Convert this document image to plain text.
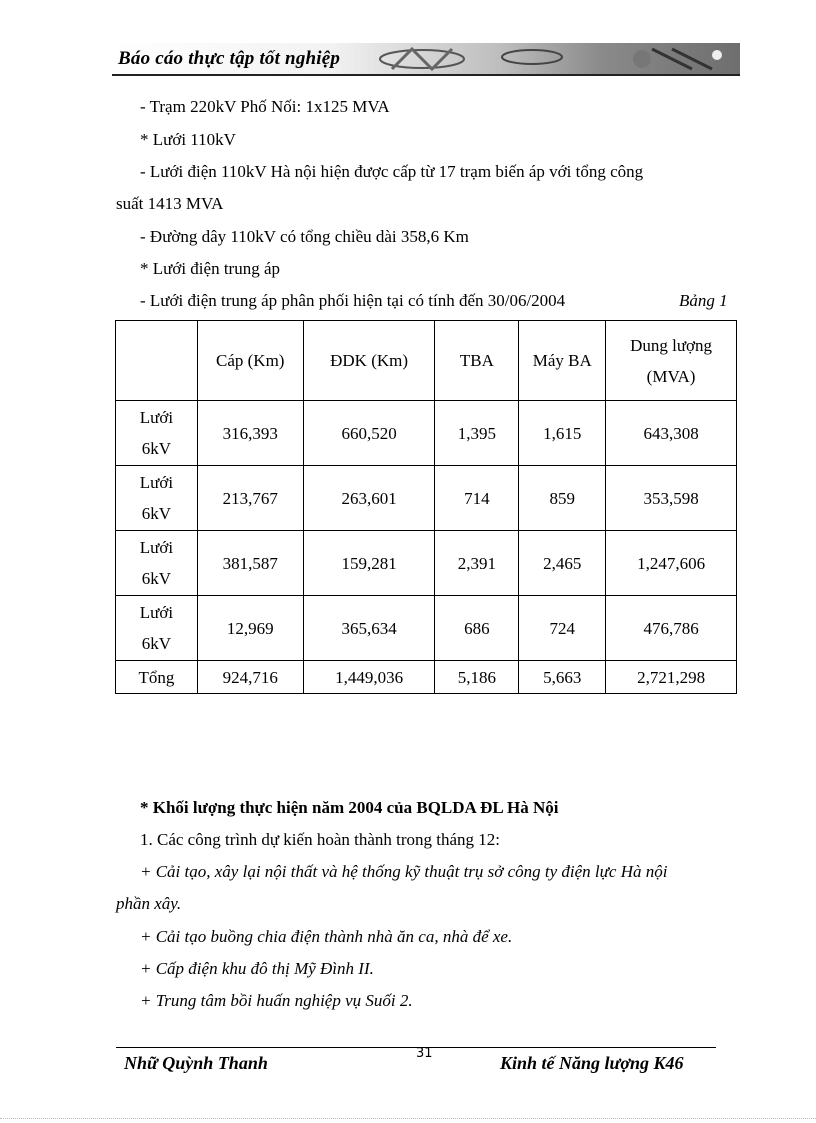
Báo cáo thực tập tốt nghiệp
- Trạm 220kV Phố Nối: 1x125 MVA
* Lưới 110kV
- Lưới điện 110kV Hà nội hiện được cấp từ 17 trạm biến áp với tổng công
suất 1413 MVA
- Đường dây 110kV có tổng chiều dài 358,6 Km
* Lưới điện trung áp
- Lưới điện trung áp phân phối hiện tại có tính đến 30/06/2004	Bảng 1
	Cáp (Km)	ĐDK (Km)	TBA	Máy BA	Dung lượng
(MVA)

Lưới
6kV	316,393	660,520	1,395	1,615	643,308

Lưới
6kV	213,767	263,601	714	859	353,598

Lưới
6kV	381,587	159,281	2,391	2,465	1,247,606

Lưới
6kV	12,969	365,634	686	724	476,786
Tổng	924,716	1,449,036	5,186	5,663	2,721,298
* Khối lượng thực hiện năm 2004 của BQLDA ĐL Hà Nội
1. Các công trình dự kiến hoàn thành trong tháng 12:
+ Cải tạo, xây lại nội thất và hệ thống kỹ thuật trụ sở công ty điện lực Hà nội
phần xây.
+ Cải tạo buồng chia điện thành nhà ăn ca, nhà để xe.
+ Cấp điện khu đô thị Mỹ Đình II.
+ Trung tâm bồi huấn nghiệp vụ Suối 2.
31
Nhữ Quỳnh Thanh	Kinh tế Năng lượng K46
